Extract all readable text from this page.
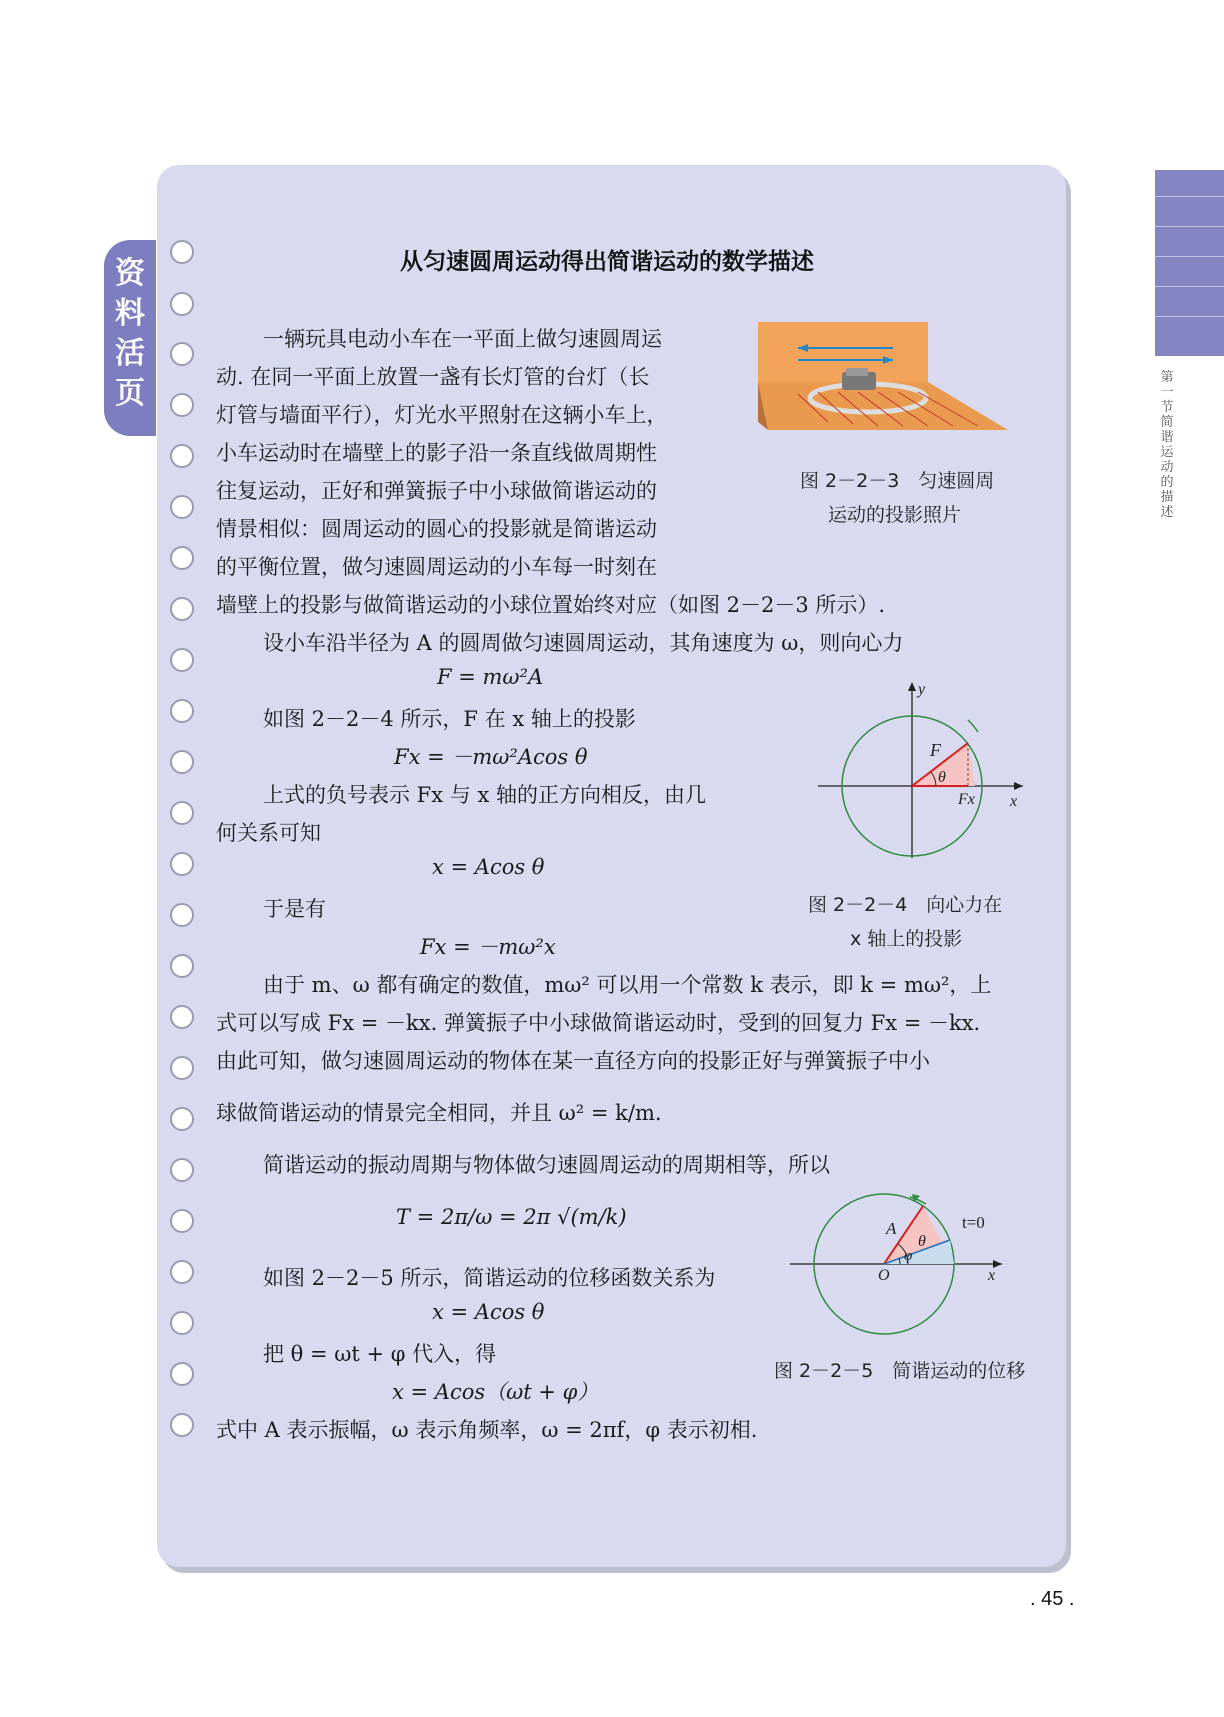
第一节 简谐运动的描述
资料活页
从匀速圆周运动得出简谐运动的数学描述
一辆玩具电动小车在一平面上做匀速圆周运
动. 在同一平面上放置一盏有长灯管的台灯（长
灯管与墙面平行），灯光水平照射在这辆小车上，
小车运动时在墙壁上的影子沿一条直线做周期性
往复运动，正好和弹簧振子中小球做简谐运动的
情景相似：圆周运动的圆心的投影就是简谐运动
的平衡位置，做匀速圆周运动的小车每一时刻在
墙壁上的投影与做简谐运动的小球位置始终对应（如图 2－2－3 所示）.
图 2－2－3　匀速圆周
运动的投影照片
设小车沿半径为 A 的圆周做匀速圆周运动，其角速度为 ω，则向心力
F = mω²A
如图 2－2－4 所示，F 在 x 轴上的投影
Fx = －mω²Acos θ
上式的负号表示 Fx 与 x 轴的正方向相反，由几
何关系可知
x = Acos θ
于是有
Fx = －mω²x
y
x
F
θ
Fx
图 2－2－4　向心力在
x 轴上的投影
由于 m、ω 都有确定的数值，mω² 可以用一个常数 k 表示，即 k = mω²，上
式可以写成 Fx = －kx. 弹簧振子中小球做简谐运动时，受到的回复力 Fx = －kx.
由此可知，做匀速圆周运动的物体在某一直径方向的投影正好与弹簧振子中小
球做简谐运动的情景完全相同，并且 ω² = k/m.
简谐运动的振动周期与物体做匀速圆周运动的周期相等，所以
T = 2π/ω = 2π √(m/k)
如图 2－2－5 所示，简谐运动的位移函数关系为
x = Acos θ
把 θ = ωt + φ 代入，得
x = Acos（ωt + φ）
式中 A 表示振幅，ω 表示角频率，ω = 2πf，φ 表示初相.
A
θ
φ
O	x
t=0
图 2－2－5　简谐运动的位移
. 45 .
